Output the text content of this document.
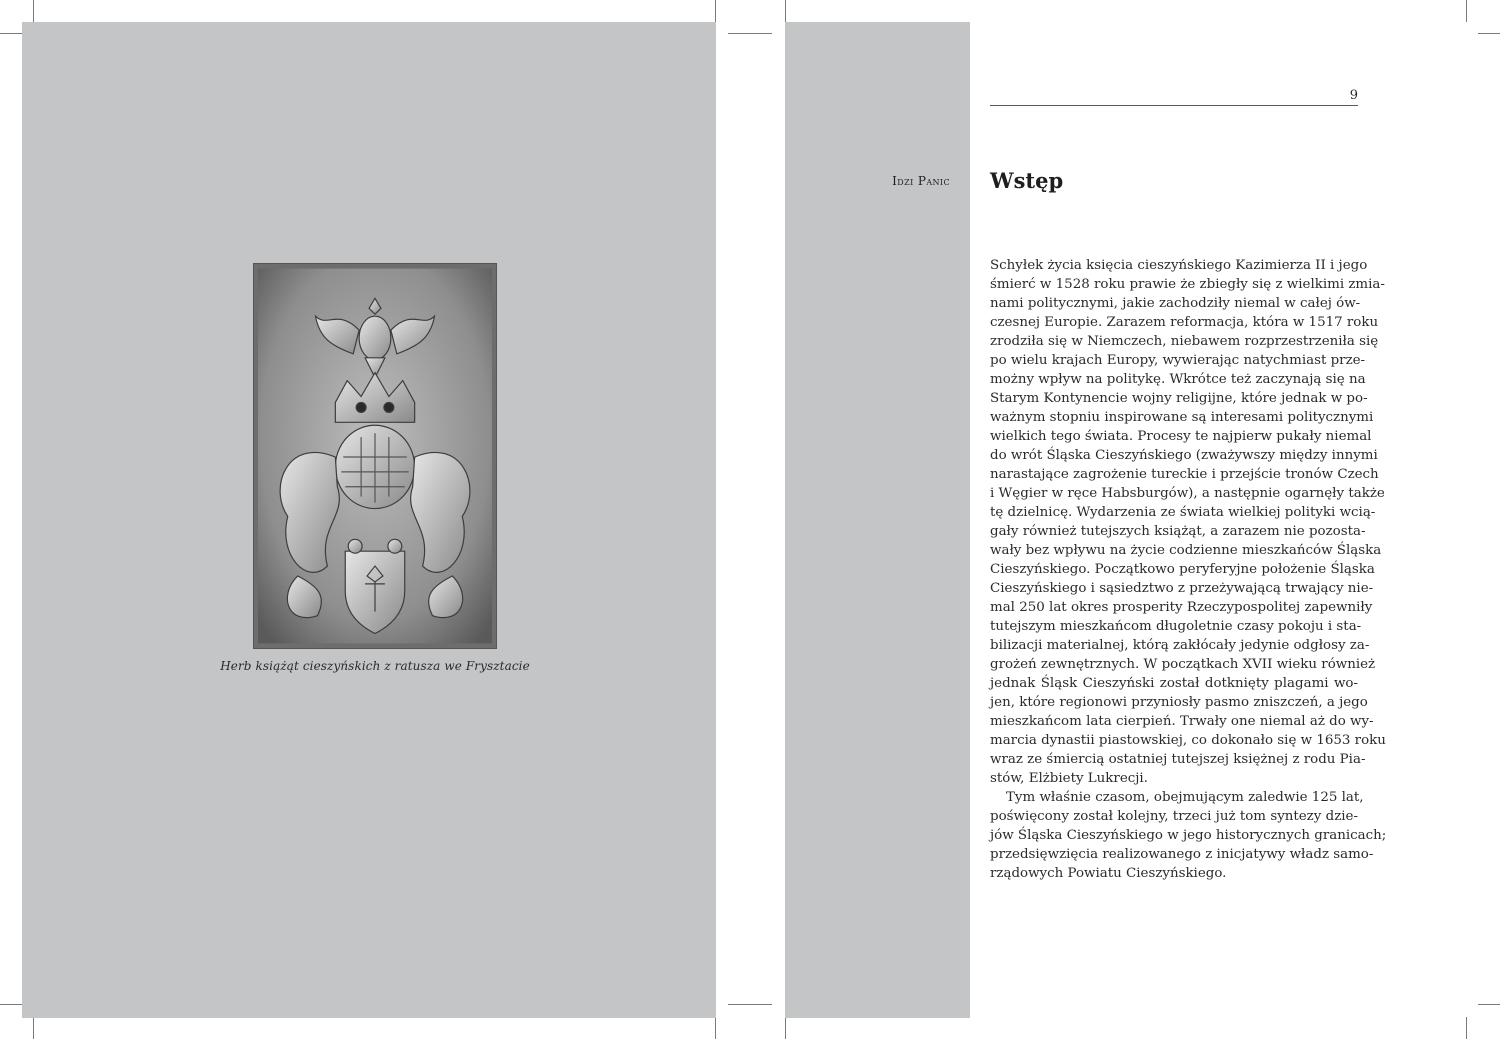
Herb książąt cieszyńskich z ratusza we Frysztacie
9
Idzi Panic Wstęp
Schyłek życia księcia cieszyńskiego Kazimierza II i jego
śmierć w 1528 roku prawie że zbiegły się z wielkimi zmia-
nami politycznymi, jakie zachodziły niemal w całej ów-
czesnej Europie. Zarazem reformacja, która w 1517 roku
zrodziła się w Niemczech, niebawem rozprzestrzeniła się
po wielu krajach Europy, wywierając natychmiast prze-
możny wpływ na politykę. Wkrótce też zaczynają się na
Starym Kontynencie wojny religijne, które jednak w po-
ważnym stopniu inspirowane są interesami politycznymi
wielkich tego świata. Procesy te najpierw pukały niemal
do wrót Śląska Cieszyńskiego (zważywszy między innymi
narastające zagrożenie tureckie i przejście tronów Czech
i Węgier w ręce Habsburgów), a następnie ogarnęły także
tę dzielnicę. Wydarzenia ze świata wielkiej polityki wcią-
gały również tutejszych książąt, a zarazem nie pozosta-
wały bez wpływu na życie codzienne mieszkańców Śląska
Cieszyńskiego. Początkowo peryferyjne położenie Śląska
Cieszyńskiego i sąsiedztwo z przeżywającą trwający nie-
mal 250 lat okres prosperity Rzeczypospolitej zapewniły
tutejszym mieszkańcom długoletnie czasy pokoju i sta-
bilizacji materialnej, którą zakłócały jedynie odgłosy za-
grożeń zewnętrznych. W początkach XVII wieku również
jednak Śląsk Cieszyński został dotknięty plagami wo-
jen, które regionowi przyniosły pasmo zniszczeń, a jego
mieszkańcom lata cierpień. Trwały one niemal aż do wy-
marcia dynastii piastowskiej, co dokonało się w 1653 roku
wraz ze śmiercią ostatniej tutejszej księżnej z rodu Pia-
stów, Elżbiety Lukrecji.
Tym właśnie czasom, obejmującym zaledwie 125 lat,
poświęcony został kolejny, trzeci już tom syntezy dzie-
jów Śląska Cieszyńskiego w jego historycznych granicach;
przedsięwzięcia realizowanego z inicjatywy władz samo-
rządowych Powiatu Cieszyńskiego.
